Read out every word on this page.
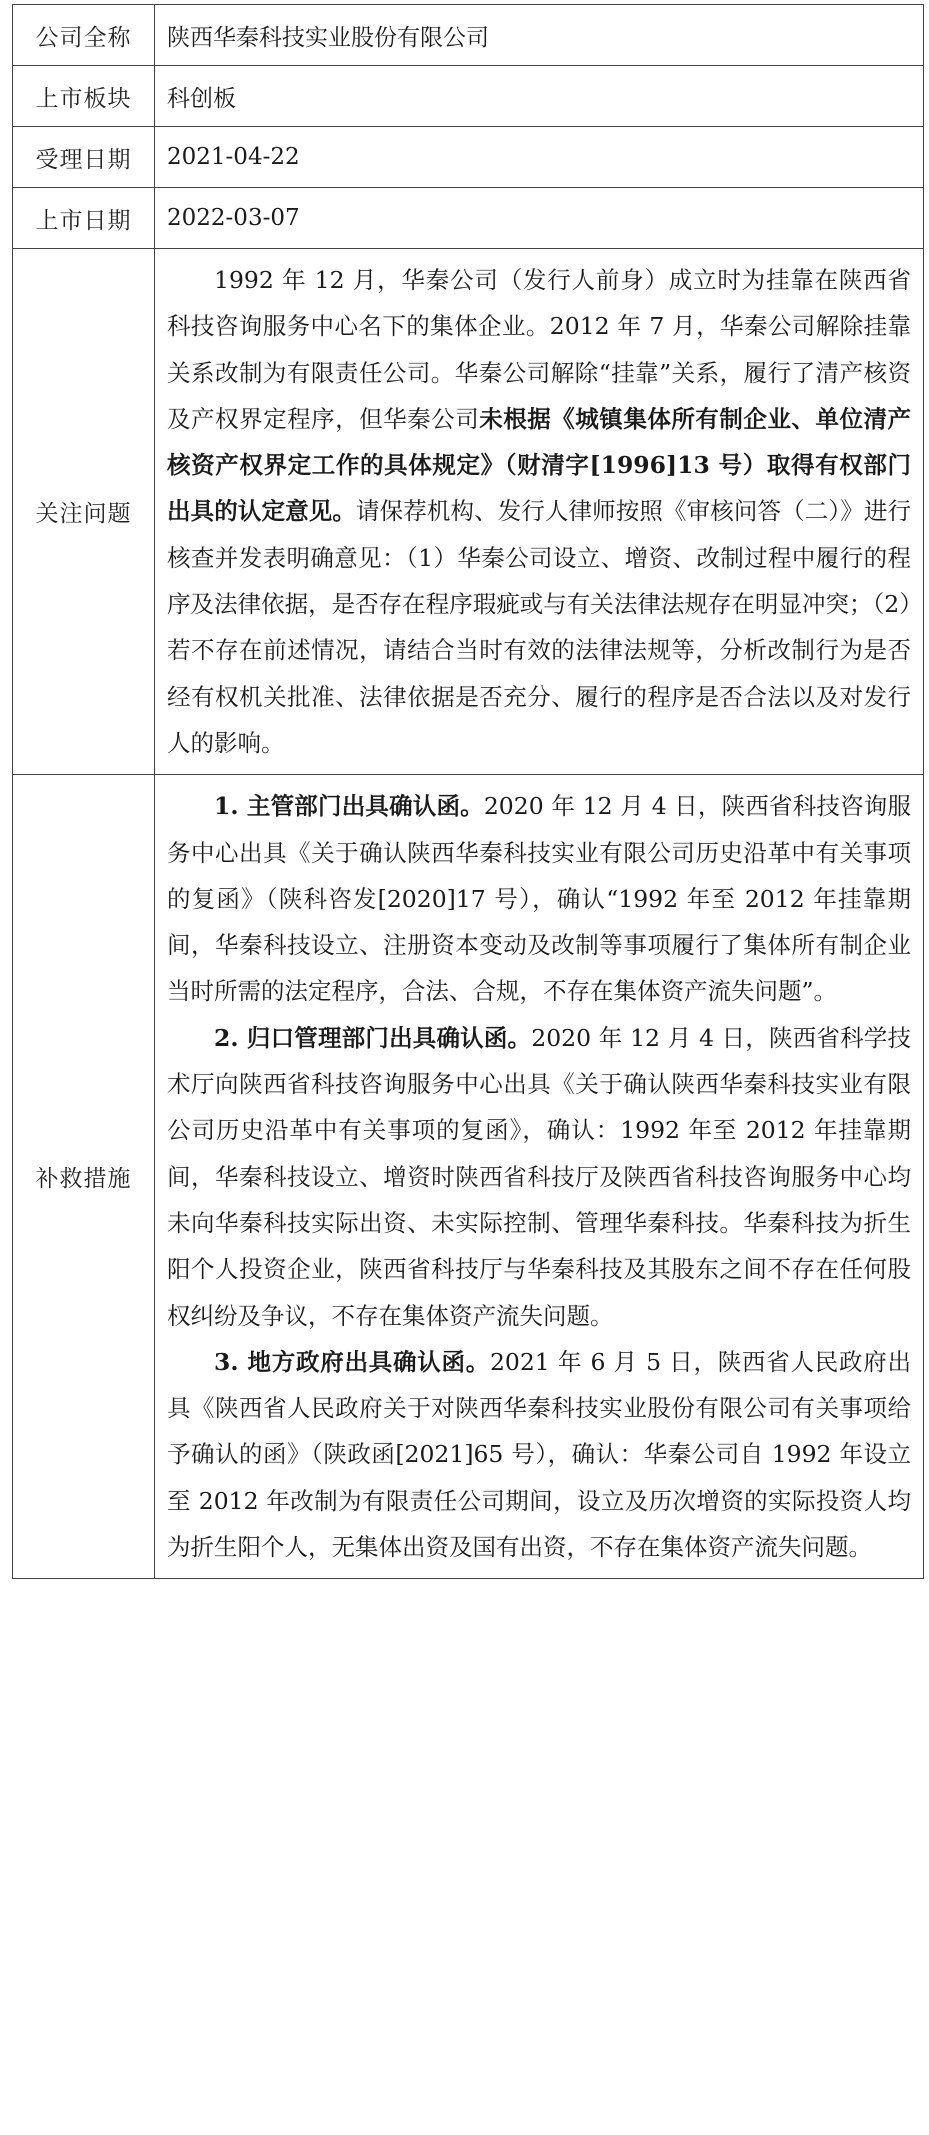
公司全称	陕西华秦科技实业股份有限公司
上市板块	科创板
受理日期	2021-04-22
上市日期	2022-03-07
关注问题	1992 年 12 月，华秦公司（发行人前身）成立时为挂靠在陕西省科技咨询服务中心名下的集体企业。2012 年 7 月，华秦公司解除挂靠关系改制为有限责任公司。华秦公司解除“挂靠”关系，履行了清产核资及产权界定程序，但华秦公司未根据《城镇集体所有制企业、单位清产核资产权界定工作的具体规定》（财清字[1996]13 号）取得有权部门出具的认定意见。请保荐机构、发行人律师按照《审核问答（二）》进行核查并发表明确意见：（1）华秦公司设立、增资、改制过程中履行的程序及法律依据，是否存在程序瑕疵或与有关法律法规存在明显冲突；（2）若不存在前述情况，请结合当时有效的法律法规等，分析改制行为是否经有权机关批准、法律依据是否充分、履行的程序是否合法以及对发行人的影响。

补救措施	1. 主管部门出具确认函。2020 年 12 月 4 日，陕西省科技咨询服务中心出具《关于确认陕西华秦科技实业有限公司历史沿革中有关事项的复函》（陕科咨发[2020]17 号），确认“1992 年至 2012 年挂靠期间，华秦科技设立、注册资本变动及改制等事项履行了集体所有制企业当时所需的法定程序，合法、合规，不存在集体资产流失问题”。

2. 归口管理部门出具确认函。2020 年 12 月 4 日，陕西省科学技术厅向陕西省科技咨询服务中心出具《关于确认陕西华秦科技实业有限公司历史沿革中有关事项的复函》，确认：1992 年至 2012 年挂靠期间，华秦科技设立、增资时陕西省科技厅及陕西省科技咨询服务中心均未向华秦科技实际出资、未实际控制、管理华秦科技。华秦科技为折生阳个人投资企业，陕西省科技厅与华秦科技及其股东之间不存在任何股权纠纷及争议，不存在集体资产流失问题。

3. 地方政府出具确认函。2021 年 6 月 5 日，陕西省人民政府出具《陕西省人民政府关于对陕西华秦科技实业股份有限公司有关事项给予确认的函》（陕政函[2021]65 号），确认：华秦公司自 1992 年设立至 2012 年改制为有限责任公司期间，设立及历次增资的实际投资人均为折生阳个人，无集体出资及国有出资，不存在集体资产流失问题。
